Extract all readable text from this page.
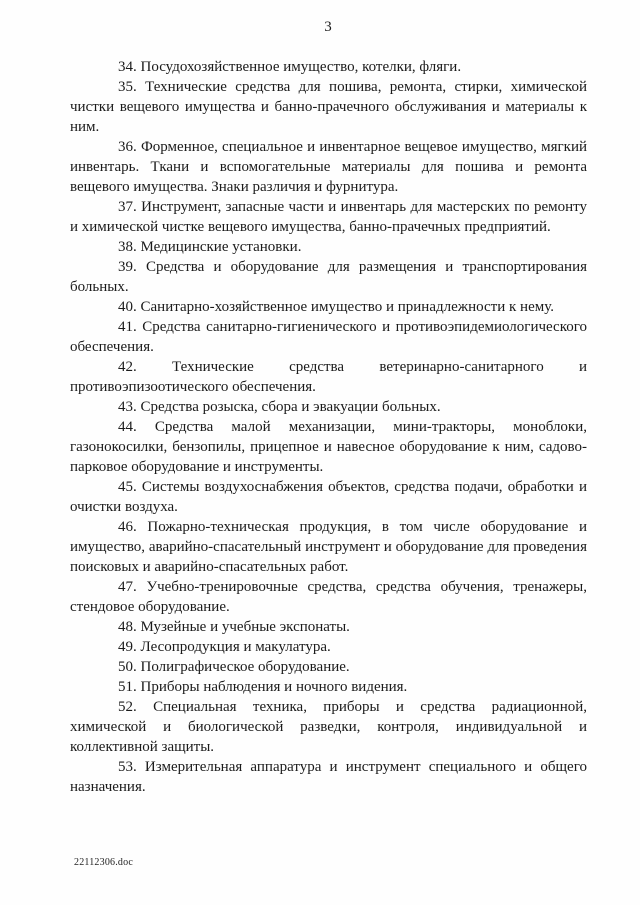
3

34. Посудохозяйственное имущество, котелки, фляги.

35. Технические средства для пошива, ремонта, стирки, химической чистки вещевого имущества и банно-прачечного обслуживания и материалы к ним.

36. Форменное, специальное и инвентарное вещевое имущество, мягкий инвентарь. Ткани и вспомогательные материалы для пошива и ремонта вещевого имущества. Знаки различия и фурнитура.

37. Инструмент, запасные части и инвентарь для мастерских по ремонту и химической чистке вещевого имущества, банно-прачечных предприятий.

38. Медицинские установки.

39. Средства и оборудование для размещения и транспортирования больных.

40. Санитарно-хозяйственное имущество и принадлежности к нему.

41. Средства санитарно-гигиенического и противоэпидемиологического обеспечения.

42. Технические средства ветеринарно-санитарного и противоэпизоотического обеспечения.

43. Средства розыска, сбора и эвакуации больных.

44. Средства малой механизации, мини-тракторы, моноблоки, газонокосилки, бензопилы, прицепное и навесное оборудование к ним, садово-парковое оборудование и инструменты.

45. Системы воздухоснабжения объектов, средства подачи, обработки и очистки воздуха.

46. Пожарно-техническая продукция, в том числе оборудование и имущество, аварийно-спасательный инструмент и оборудование для проведения поисковых и аварийно-спасательных работ.

47. Учебно-тренировочные средства, средства обучения, тренажеры, стендовое оборудование.

48. Музейные и учебные экспонаты.

49. Лесопродукция и макулатура.

50. Полиграфическое оборудование.

51. Приборы наблюдения и ночного видения.

52. Специальная техника, приборы и средства радиационной, химической и биологической разведки, контроля, индивидуальной и коллективной защиты.

53. Измерительная аппаратура и инструмент специального и общего назначения.

22112306.doc
